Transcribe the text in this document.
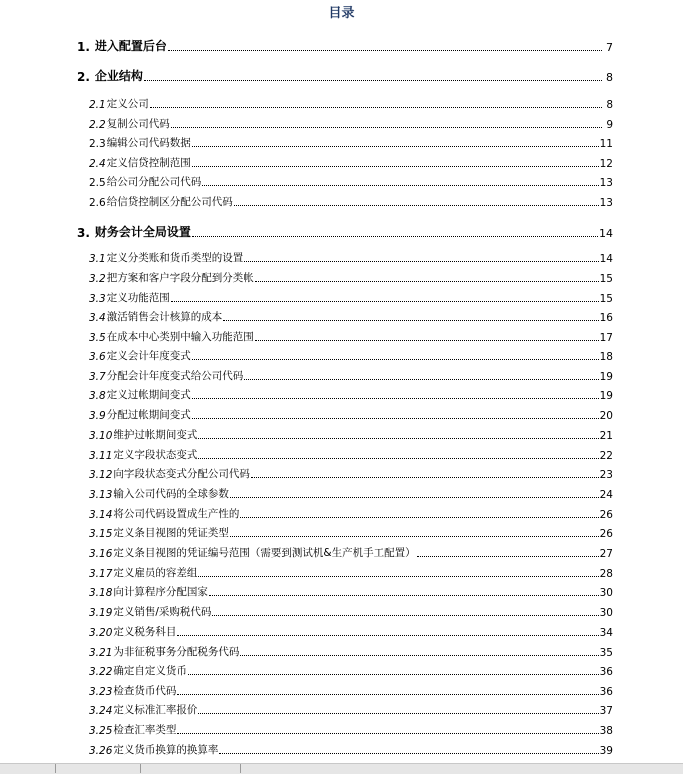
目录
1. 进入配置后台	7
2. 企业结构	8
2.1 定义公司	8
2.2 复制公司代码	9
2.3 编辑公司代码数据	11
2.4 定义信贷控制范围	12
2.5 给公司分配公司代码	13
2.6 给信贷控制区分配公司代码	13
3. 财务会计全局设置	14
3.1 定义分类账和货币类型的设置	14
3.2 把方案和客户字段分配到分类帐	15
3.3 定义功能范围	15
3.4 激活销售会计核算的成本	16
3.5 在成本中心类别中输入功能范围	17
3.6 定义会计年度变式	18
3.7 分配会计年度变式给公司代码	19
3.8 定义过帐期间变式	19
3.9 分配过帐期间变式	20
3.10 维护过帐期间变式	21
3.11 定义字段状态变式	22
3.12 向字段状态变式分配公司代码	23
3.13 输入公司代码的全球参数	24
3.14 将公司代码设置成生产性的	26
3.15 定义条目视图的凭证类型	26
3.16 定义条目视图的凭证编号范围（需要到测试机&生产机手工配置）	27
3.17 定义雇员的容差组	28
3.18 向计算程序分配国家	30
3.19 定义销售/采购税代码	30
3.20 定义税务科目	34
3.21 为非征税事务分配税务代码	35
3.22 确定自定义货币	36
3.23 检查货币代码	36
3.24 定义标准汇率报价	37
3.25 检查汇率类型	38
3.26 定义货币换算的换算率	39
